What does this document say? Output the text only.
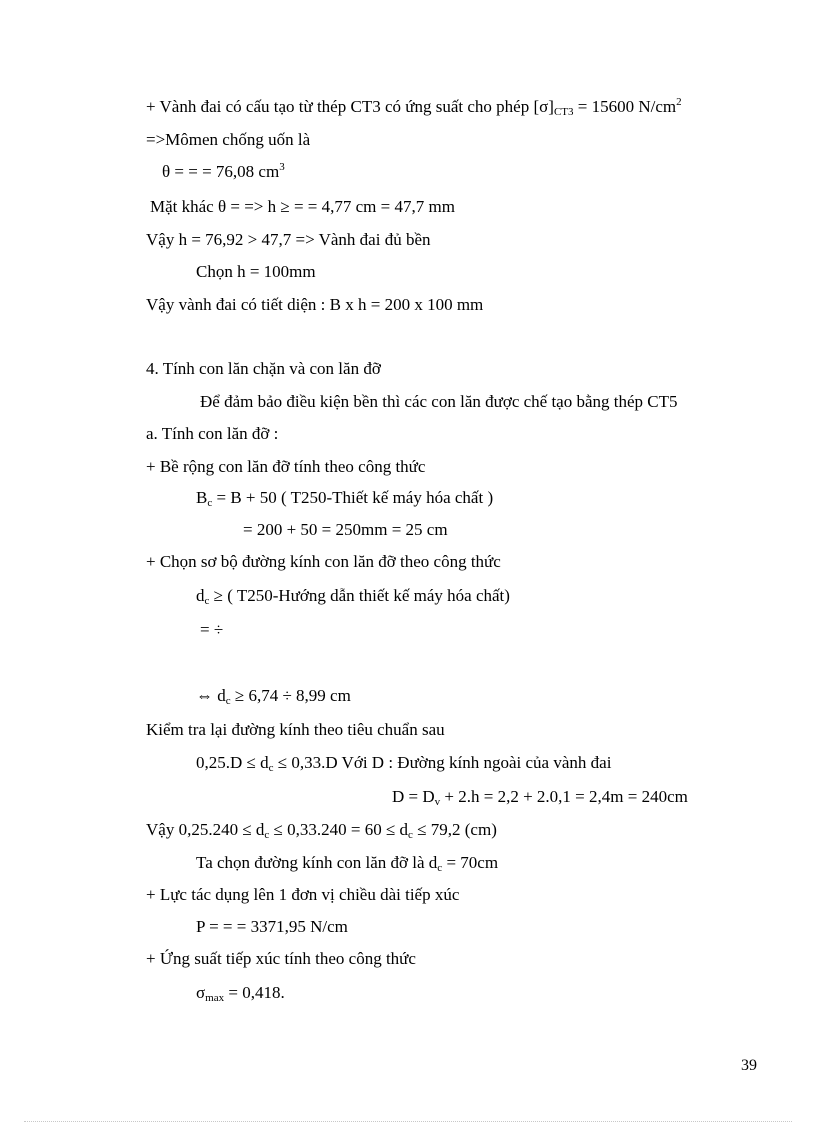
+ Vành đai có cấu tạo từ thép CT3 có ứng suất cho phép $[\sigma]_{CT3} = 15600$ $N/cm^2$
=>Mômen chống uốn là
θ = = = 76,08 $cm^3$
Mặt khác θ = => h ≥ = = 4,77 cm = 47,7 mm
Vậy h = 76,92 > 47,7 => Vành đai đủ bền
Chọn h = 100mm
Vậy vành đai có tiết diện : B x h = 200 x 100 mm
4. Tính con lăn chặn và con lăn đỡ
Để đảm bảo điều kiện bền thì các con lăn được chế tạo bằng thép CT5
a. Tính con lăn đỡ :
+ Bề rộng con lăn đỡ tính theo công thức
$B_c = B + 50$ ( T250-Thiết kế máy hóa chất )
= 200 + 50 = 250mm = 25 cm
+ Chọn sơ bộ đường kính con lăn đỡ theo công thức
$d_c$ ≥ ( T250-Hướng dẫn thiết kế máy hóa chất)
= ÷
⇔ $d_c \ge 6,74 \div 8,99$ cm
Kiểm tra lại đường kính theo tiêu chuẩn sau
$0,25.D \le d_c \le 0,33.D$ Với D : Đường kính ngoài của vành đai
$D = D_v + 2.h = 2,2 + 2.0,1 = 2,4m = 240cm$
Vậy $0,25.240 \le d_c \le 0,33.240 = 60 \le d_c \le 79,2$ (cm)
Ta chọn đường kính con lăn đỡ là $d_c = 70cm$
+ Lực tác dụng lên 1 đơn vị chiều dài tiếp xúc
P = = = 3371,95 N/cm
+ Ứng suất tiếp xúc tính theo công thức
$\sigma_{max} = 0,418$.
39
